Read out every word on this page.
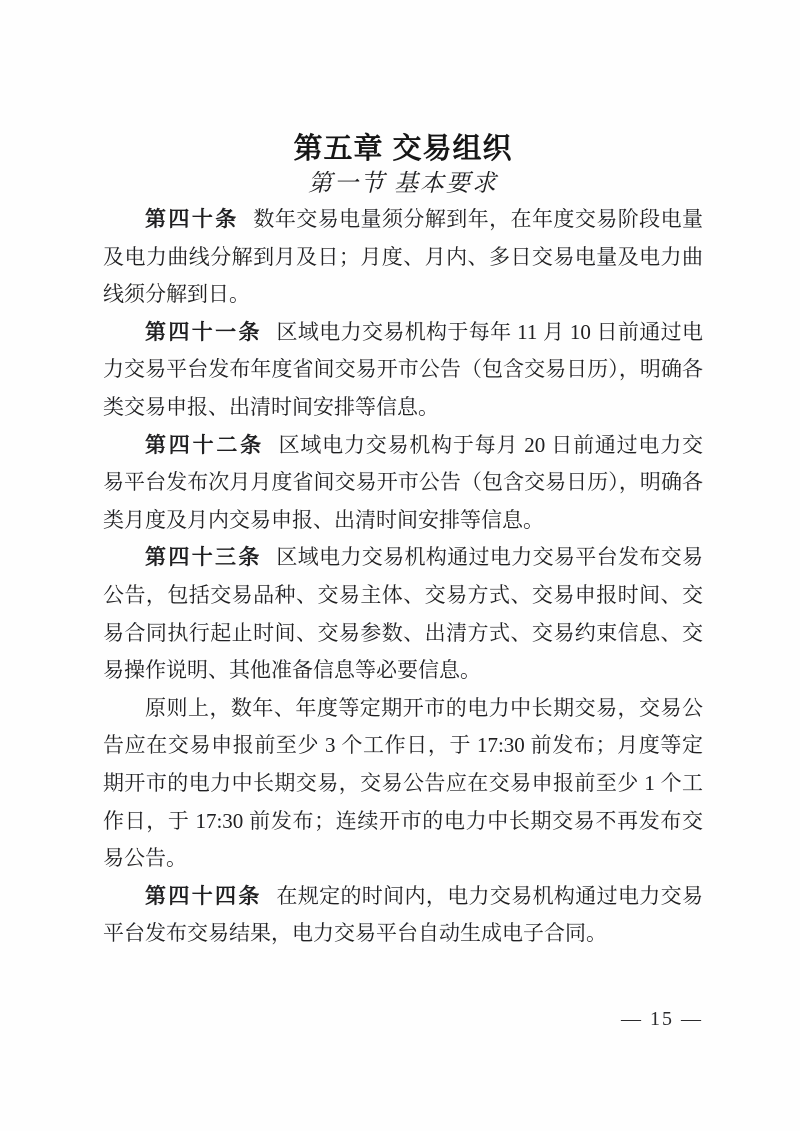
第五章 交易组织
第一节 基本要求

第四十条 数年交易电量须分解到年，在年度交易阶段电量及电力曲线分解到月及日；月度、月内、多日交易电量及电力曲线须分解到日。

第四十一条 区域电力交易机构于每年 11 月 10 日前通过电力交易平台发布年度省间交易开市公告（包含交易日历），明确各类交易申报、出清时间安排等信息。

第四十二条 区域电力交易机构于每月 20 日前通过电力交易平台发布次月月度省间交易开市公告（包含交易日历），明确各类月度及月内交易申报、出清时间安排等信息。

第四十三条 区域电力交易机构通过电力交易平台发布交易公告，包括交易品种、交易主体、交易方式、交易申报时间、交易合同执行起止时间、交易参数、出清方式、交易约束信息、交易操作说明、其他准备信息等必要信息。

原则上，数年、年度等定期开市的电力中长期交易，交易公告应在交易申报前至少 3 个工作日，于 17:30 前发布；月度等定期开市的电力中长期交易，交易公告应在交易申报前至少 1 个工作日，于 17:30 前发布；连续开市的电力中长期交易不再发布交易公告。

第四十四条 在规定的时间内，电力交易机构通过电力交易平台发布交易结果，电力交易平台自动生成电子合同。

— 15 —
